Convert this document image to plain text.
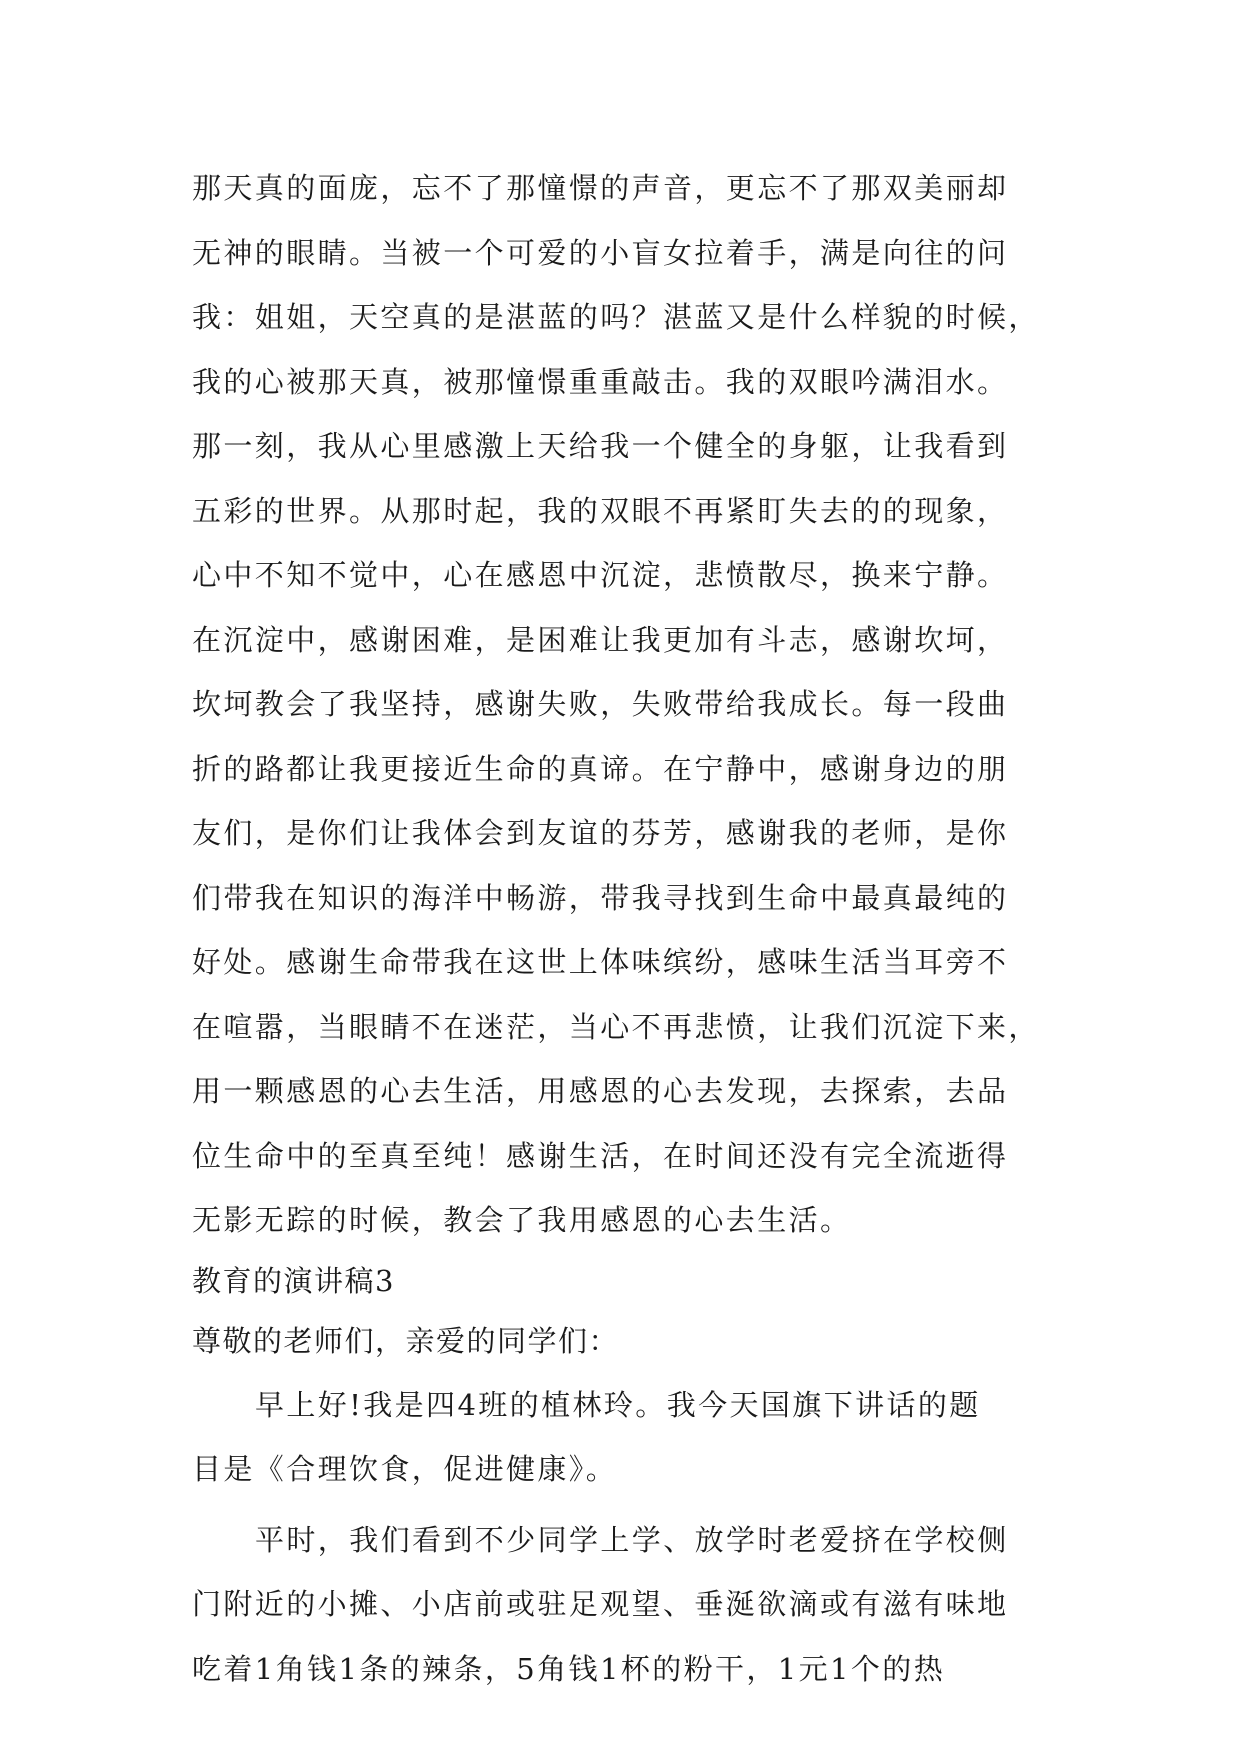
那天真的面庞，忘不了那憧憬的声音，更忘不了那双美丽却
无神的眼睛。当被一个可爱的小盲女拉着手，满是向往的问
我：姐姐，天空真的是湛蓝的吗？湛蓝又是什么样貌的时候，
我的心被那天真，被那憧憬重重敲击。我的双眼吟满泪水。
那一刻，我从心里感激上天给我一个健全的身躯，让我看到
五彩的世界。从那时起，我的双眼不再紧盯失去的的现象，
心中不知不觉中，心在感恩中沉淀，悲愤散尽，换来宁静。
在沉淀中，感谢困难，是困难让我更加有斗志，感谢坎坷，
坎坷教会了我坚持，感谢失败，失败带给我成长。每一段曲
折的路都让我更接近生命的真谛。在宁静中，感谢身边的朋
友们，是你们让我体会到友谊的芬芳，感谢我的老师，是你
们带我在知识的海洋中畅游，带我寻找到生命中最真最纯的
好处。感谢生命带我在这世上体味缤纷，感味生活当耳旁不
在喧嚣，当眼睛不在迷茫，当心不再悲愤，让我们沉淀下来，
用一颗感恩的心去生活，用感恩的心去发现，去探索，去品
位生命中的至真至纯！感谢生活，在时间还没有完全流逝得
无影无踪的时候，教会了我用感恩的心去生活。
教育的演讲稿3
尊敬的老师们，亲爱的同学们：
早上好!我是四4班的植林玲。我今天国旗下讲话的题
目是《合理饮食，促进健康》。
平时，我们看到不少同学上学、放学时老爱挤在学校侧
门附近的小摊、小店前或驻足观望、垂涎欲滴或有滋有味地
吃着1角钱1条的辣条，5角钱1杯的粉干，1元1个的热
